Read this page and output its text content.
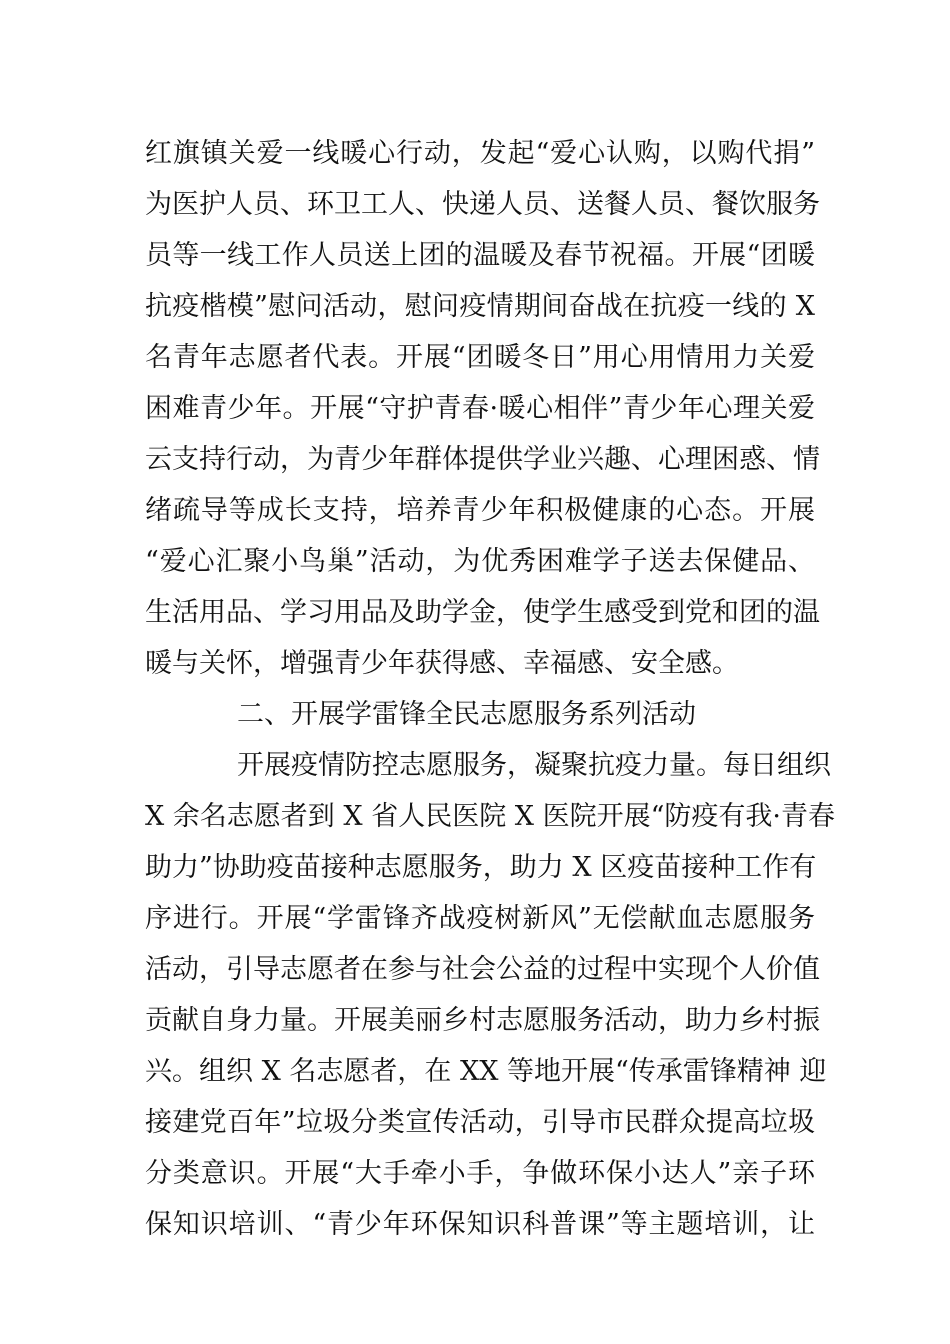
红旗镇关爱一线暖心行动，发起“爱心认购，以购代捐”
为医护人员、环卫工人、快递人员、送餐人员、餐饮服务
员等一线工作人员送上团的温暖及春节祝福。开展“团暖
抗疫楷模”慰问活动，慰问疫情期间奋战在抗疫一线的 X
名青年志愿者代表。开展“团暖冬日”用心用情用力关爱
困难青少年。开展“守护青春·暖心相伴”青少年心理关爱
云支持行动，为青少年群体提供学业兴趣、心理困惑、情
绪疏导等成长支持，培养青少年积极健康的心态。开展
“爱心汇聚小鸟巢”活动，为优秀困难学子送去保健品、
生活用品、学习用品及助学金，使学生感受到党和团的温
暖与关怀，增强青少年获得感、幸福感、安全感。
二、开展学雷锋全民志愿服务系列活动
开展疫情防控志愿服务，凝聚抗疫力量。每日组织
X 余名志愿者到 X 省人民医院 X 医院开展“防疫有我·青春
助力”协助疫苗接种志愿服务，助力 X 区疫苗接种工作有
序进行。开展“学雷锋齐战疫树新风”无偿献血志愿服务
活动，引导志愿者在参与社会公益的过程中实现个人价值
贡献自身力量。开展美丽乡村志愿服务活动，助力乡村振
兴。组织 X 名志愿者，在 XX 等地开展“传承雷锋精神 迎
接建党百年”垃圾分类宣传活动，引导市民群众提高垃圾
分类意识。开展“大手牵小手，争做环保小达人”亲子环
保知识培训、“青少年环保知识科普课”等主题培训，让
